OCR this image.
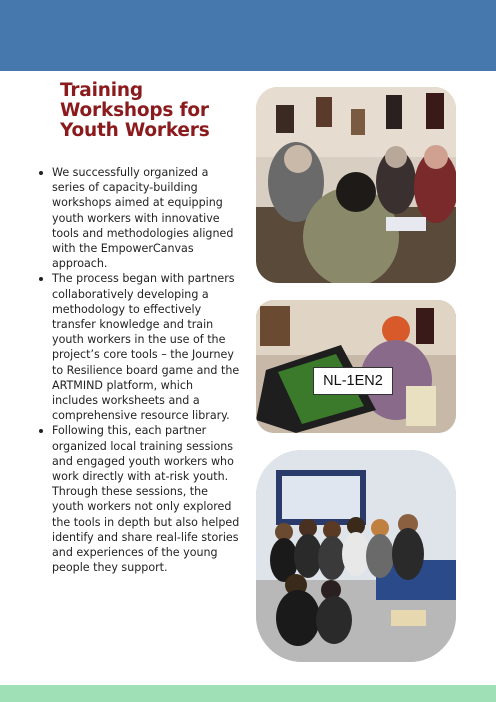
Training Workshops for Youth Workers
We successfully organized a series of capacity-building workshops aimed at equipping youth workers with innovative tools and methodologies aligned with the EmpowerCanvas approach.
The process began with partners collaboratively developing a methodology to effectively transfer knowledge and train youth workers in the use of the project’s core tools – the Journey to Resilience board game and the ARTMIND platform, which includes worksheets and a comprehensive resource library.
Following this, each partner organized local training sessions and engaged youth workers who work directly with at-risk youth. Through these sessions, the youth workers not only explored the tools in depth but also helped identify and share real-life stories and experiences of the young people they support.
NL-1EN2
